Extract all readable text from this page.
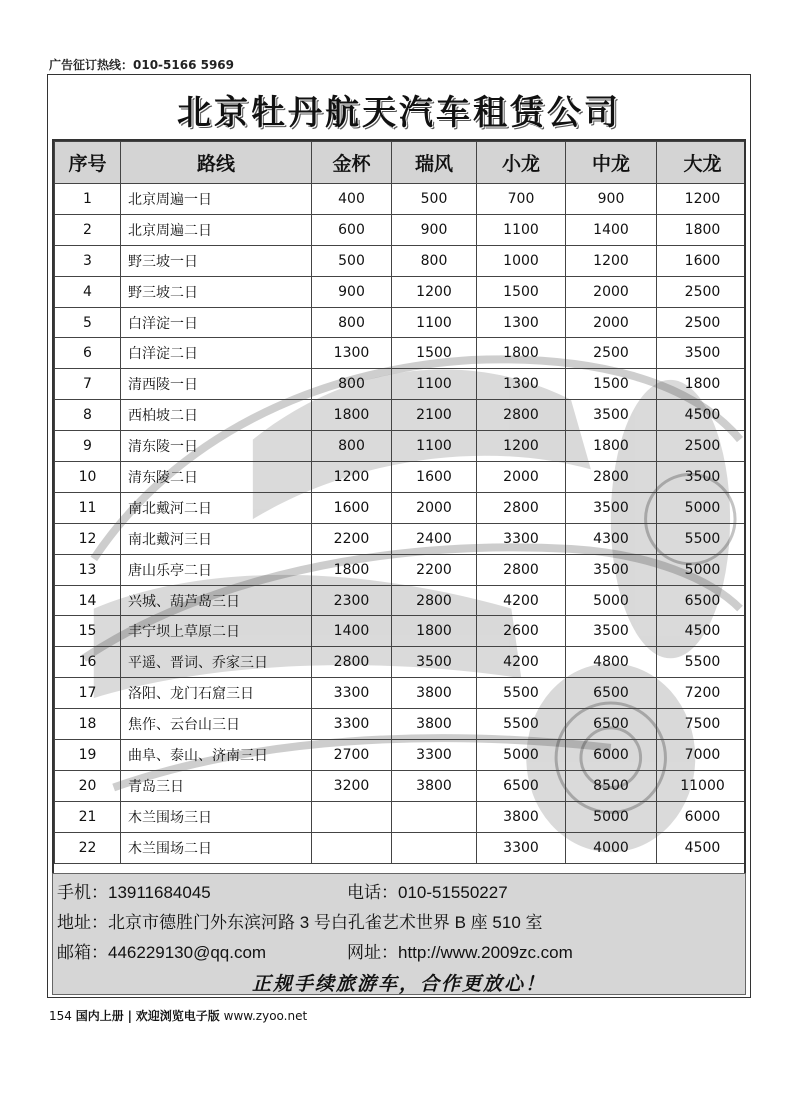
广告征订热线：010-5166 5969
北京牡丹航天汽车租赁公司
序号	路线	金杯	瑞风	小龙	中龙	大龙
1	北京周遍一日	400	500	700	900	1200
2	北京周遍二日	600	900	1100	1400	1800
3	野三坡一日	500	800	1000	1200	1600
4	野三坡二日	900	1200	1500	2000	2500
5	白洋淀一日	800	1100	1300	2000	2500
6	白洋淀二日	1300	1500	1800	2500	3500
7	清西陵一日	800	1100	1300	1500	1800
8	西柏坡二日	1800	2100	2800	3500	4500
9	清东陵一日	800	1100	1200	1800	2500
10	清东陵二日	1200	1600	2000	2800	3500
11	南北戴河二日	1600	2000	2800	3500	5000
12	南北戴河三日	2200	2400	3300	4300	5500
13	唐山乐亭二日	1800	2200	2800	3500	5000
14	兴城、葫芦岛三日	2300	2800	4200	5000	6500
15	丰宁坝上草原二日	1400	1800	2600	3500	4500
16	平遥、晋词、乔家三日	2800	3500	4200	4800	5500
17	洛阳、龙门石窟三日	3300	3800	5500	6500	7200
18	焦作、云台山三日	3300	3800	5500	6500	7500
19	曲阜、泰山、济南三日	2700	3300	5000	6000	7000
20	青岛三日	3200	3800	6500	8500	11000
21	木兰围场三日			3800	5000	6000
22	木兰围场二日			3300	4000	4500
手机：13911684045	电话：010-51550227
地址：北京市德胜门外东滨河路 3 号白孔雀艺术世界 B 座 510 室
邮箱：446229130@qq.com	网址：http://www.2009zc.com
正规手续旅游车，合作更放心！
154 国内上册 | 欢迎浏览电子版 www.zyoo.net
